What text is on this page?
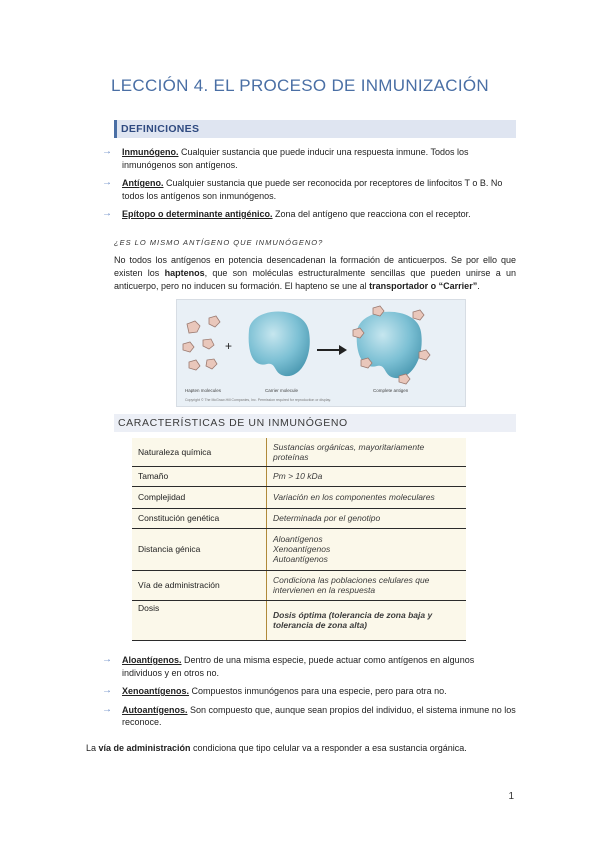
LECCIÓN 4. EL PROCESO DE INMUNIZACIÓN
DEFINICIONES
→ Inmunógeno. Cualquier sustancia que puede inducir una respuesta inmune. Todos los inmunógenos son antígenos.
→ Antígeno. Cualquier sustancia que puede ser reconocida por receptores de linfocitos T o B. No todos los antígenos son inmunógenos.
→ Epítopo o determinante antigénico. Zona del antígeno que reacciona con el receptor.
¿ES LO MISMO ANTÍGENO QUE INMUNÓGENO?
No todos los antígenos en potencia desencadenan la formación de anticuerpos. Se por ello que existen los haptenos, que son moléculas estructuralmente sencillas que pueden unirse a un anticuerpo, pero no inducen su formación. El hapteno se une al transportador o “Carrier”.
+
Hapten molecules	Carrier molecule	Complete antigen
Copyright © The McGraw-Hill Companies, Inc. Permission required for reproduction or display.
CARACTERÍSTICAS DE UN INMUNÓGENO
Naturaleza química	Sustancias orgánicas, mayoritariamente proteínas
Tamaño	Pm > 10 kDa
Complejidad	Variación en los componentes moleculares
Constitución genética	Determinada por el genotipo
Distancia génica	Aloantígenos
Xenoantígenos
Autoantígenos
Vía de administración	Condiciona las poblaciones celulares que intervienen en la respuesta
Dosis	Dosis óptima (tolerancia de zona baja y tolerancia de zona alta)
→ Aloantígenos. Dentro de una misma especie, puede actuar como antígenos en algunos individuos y en otros no.
→ Xenoantígenos. Compuestos inmunógenos para una especie, pero para otra no.
→ Autoantígenos. Son compuesto que, aunque sean propios del individuo, el sistema inmune no los reconoce.
La vía de administración condiciona que tipo celular va a responder a esa sustancia orgánica.
1
